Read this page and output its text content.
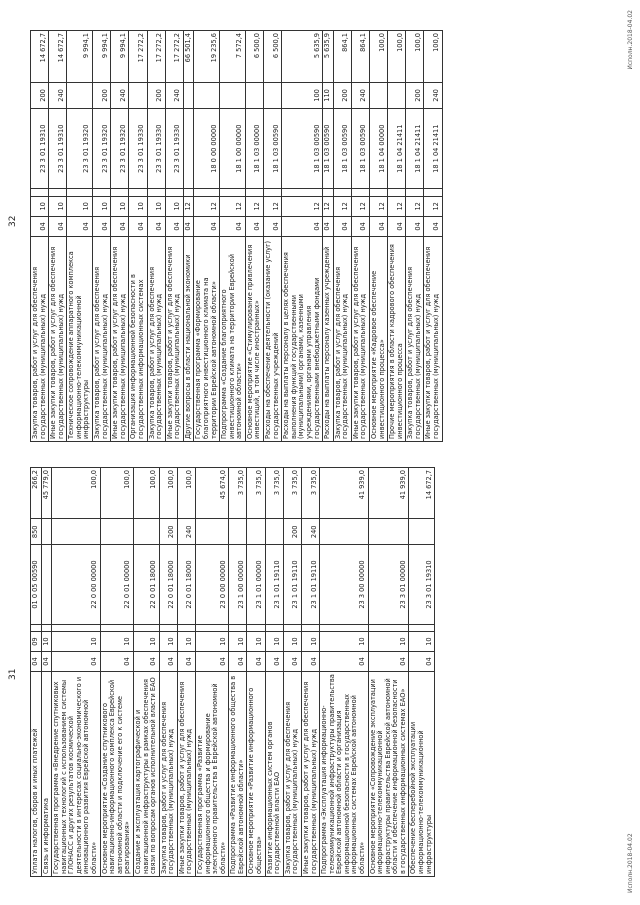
31
Уплата налогов, сборов и иных платежей	04	09		01 0 05 00590	850	266,2
Связь и информатика	04	10				45 779,0
Государственная программа «Внедрение спутниковых навигационных технологий с использованием системы ГЛОНАСС и других результатов космической деятельности в интересах социально-экономического и инновационного развития Еврейской автономной области»	04	10		22 0 00 00000		100,0
Основное мероприятие «Создание спутникового навигационно-информационного комплекса Еврейской автономной области и подключение его к системе реагирования»	04	10		22 0 01 00000		100,0
Создание и эксплуатация картографической и навигационной инфраструктуры в рамках обеспечения связи по вопросам органов исполнительной власти ЕАО	04	10		22 0 01 18000		100,0
Закупка товаров, работ и услуг для обеспечения государственных (муниципальных) нужд	04	10		22 0 01 18000	200	100,0
Иные закупки товаров, работ и услуг для обеспечения государственных (муниципальных) нужд	04	10		22 0 01 18000	240	100,0
Государственная программа «Развитие информационного общества и формирование электронного правительства в Еврейской автономной области»	04	10		23 0 00 00000		45 674,0
Подпрограмма «Развитие информационного общества в Еврейской автономной области»	04	10		23 1 00 00000		3 735,0
Основное мероприятие «Развитие информационного общества»	04	10		23 1 01 00000		3 735,0
Развитие информационных систем органов государственной власти ЕАО	04	10		23 1 01 19110		3 735,0
Закупка товаров, работ и услуг для обеспечения государственных (муниципальных) нужд	04	10		23 1 01 19110	200	3 735,0
Иные закупки товаров, работ и услуг для обеспечения государственных (муниципальных) нужд	04	10		23 1 01 19110	240	3 735,0
Подпрограмма «Эксплуатация информационно-телекоммуникационной инфраструктуры правительства Еврейской автономной области и организация информационной безопасности в государственных информационных системах Еврейской автономной области»	04	10		23 3 00 00000		41 939,0
Основное мероприятие «Сопровождение эксплуатации информационно-телекоммуникационной инфраструктуры правительства Еврейской автономной области и обеспечение информационной безопасности в государственных информационных системах ЕАО»	04	10		23 3 01 00000		41 939,0
Обеспечение бесперебойной эксплуатации информационно-телекоммуникационной инфраструктуры	04	10		23 3 01 19310		14 672,7
Исполн.2018-04.02
32
Закупка товаров, работ и услуг для обеспечения государственных (муниципальных) нужд	04	10		23 3 01 19310	200	14 672,7
Иные закупки товаров, работ и услуг для обеспечения государственных (муниципальных) нужд	04	10		23 3 01 19310	240	14 672,7
Техническое сопровождение аппаратного комплекса информационно-телекоммуникационной инфраструктуры	04	10		23 3 01 19320		9 994,1
Закупка товаров, работ и услуг для обеспечения государственных (муниципальных) нужд	04	10		23 3 01 19320	200	9 994,1
Иные закупки товаров, работ и услуг для обеспечения государственных (муниципальных) нужд	04	10		23 3 01 19320	240	9 994,1
Организация информационной безопасности в государственных информационных системах	04	10		23 3 01 19330		17 272,2
Закупка товаров, работ и услуг для обеспечения государственных (муниципальных) нужд	04	10		23 3 01 19330	200	17 272,2
Иные закупки товаров, работ и услуг для обеспечения государственных (муниципальных) нужд	04	10		23 3 01 19330	240	17 272,2
Другие вопросы в области национальной экономики	04	12				66 501,4
Государственная программа «Формирование благоприятного инвестиционного климата на территории Еврейской автономной области»	04	12		18 0 00 00000		19 235,6
Подпрограмма «Создание благоприятного инвестиционного климата на территории Еврейской автономной области»	04	12		18 1 00 00000		7 572,4
Основное мероприятие «Стимулирование привлечения инвестиций, в том числе иностранных»	04	12		18 1 03 00000		6 500,0
Расходы на обеспечение деятельности (оказание услуг) государственных учреждений	04	12		18 1 03 00590		6 500,0
Расходы на выплаты персоналу в целях обеспечения выполнения функций государственными (муниципальными) органами, казенными учреждениями, органами управления государственными внебюджетными фондами	04	12		18 1 03 00590	100	5 635,9
Расходы на выплаты персоналу казенных учреждений	04	12		18 1 03 00590	110	5 635,9
Закупка товаров, работ и услуг для обеспечения государственных (муниципальных) нужд	04	12		18 1 03 00590	200	864,1
Иные закупки товаров, работ и услуг для обеспечения государственных (муниципальных) нужд	04	12		18 1 03 00590	240	864,1
Основное мероприятие «Кадровое обеспечение инвестиционного процесса»	04	12		18 1 04 00000		100,0
Прочие мероприятия в области кадрового обеспечения инвестиционного процесса	04	12		18 1 04 21411		100,0
Закупка товаров, работ и услуг для обеспечения государственных (муниципальных) нужд	04	12		18 1 04 21411	200	100,0
Иные закупки товаров, работ и услуг для обеспечения государственных (муниципальных) нужд	04	12		18 1 04 21411	240	100,0	Исполн.2018-04.02
